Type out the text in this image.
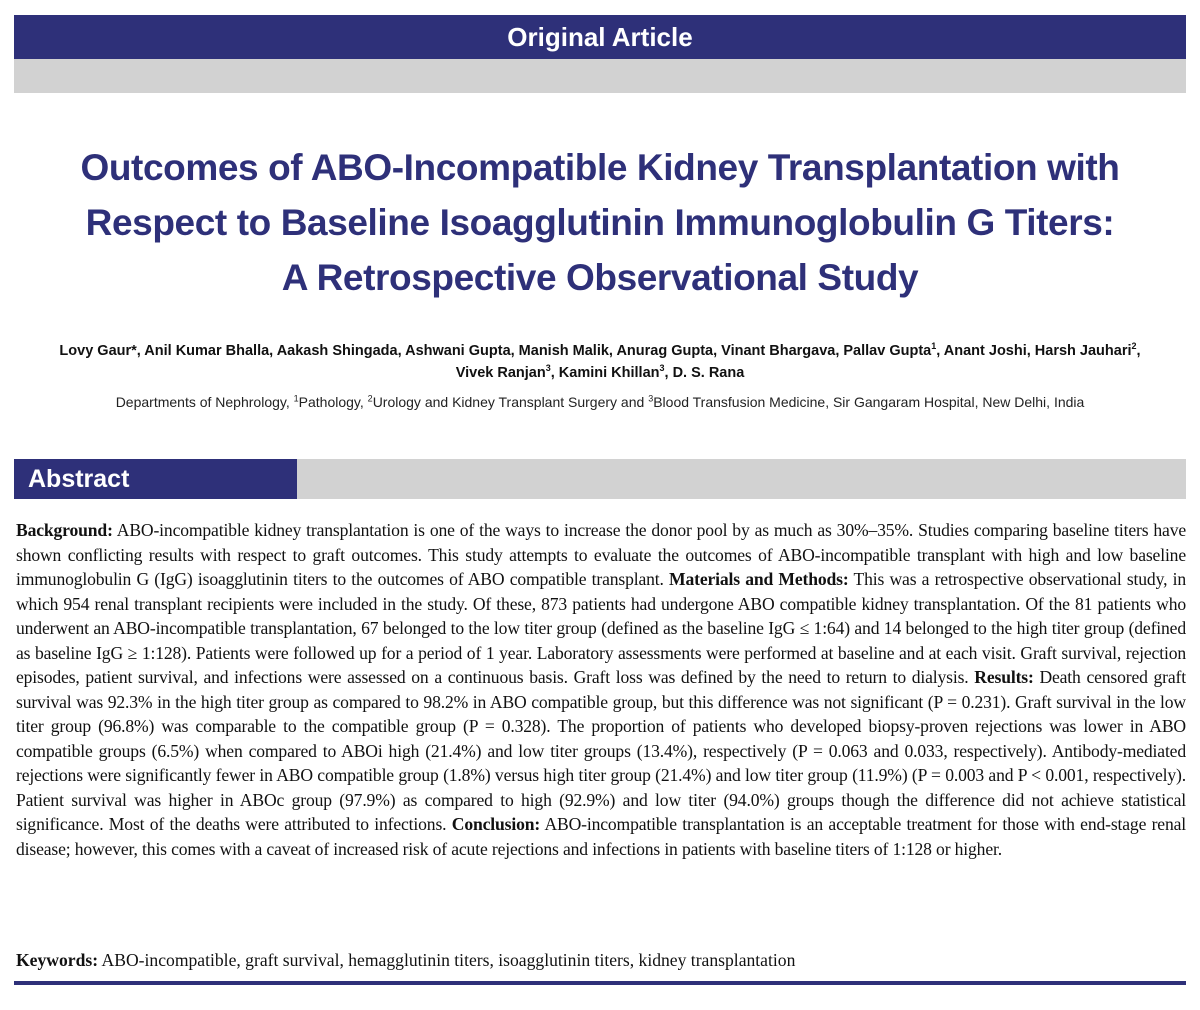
Original Article
Outcomes of ABO-Incompatible Kidney Transplantation with
Respect to Baseline Isoagglutinin Immunoglobulin G Titers:
A Retrospective Observational Study
Lovy Gaur*, Anil Kumar Bhalla, Aakash Shingada, Ashwani Gupta, Manish Malik, Anurag Gupta, Vinant Bhargava, Pallav Gupta$^1$, Anant Joshi, Harsh Jauhari$^2$,
Vivek Ranjan$^3$, Kamini Khillan$^3$, D. S. Rana
Departments of Nephrology, $^1$Pathology, $^2$Urology and Kidney Transplant Surgery and $^3$Blood Transfusion Medicine, Sir Gangaram Hospital, New Delhi, India
Abstract

Background: ABO-incompatible kidney transplantation is one of the ways to increase the donor pool by as much as 30%–35%. Studies comparing baseline titers have shown conflicting results with respect to graft outcomes. This study attempts to evaluate the outcomes of ABO-incompatible transplant with high and low baseline immunoglobulin G (IgG) isoagglutinin titers to the outcomes of ABO compatible transplant. Materials and Methods: This was a retrospective observational study, in which 954 renal transplant recipients were included in the study. Of these, 873 patients had undergone ABO compatible kidney transplantation. Of the 81 patients who underwent an ABO-incompatible transplantation, 67 belonged to the low titer group (defined as the baseline IgG ≤ 1:64) and 14 belonged to the high titer group (defined as baseline IgG ≥ 1:128). Patients were followed up for a period of 1 year. Laboratory assessments were performed at baseline and at each visit. Graft survival, rejection episodes, patient survival, and infections were assessed on a continuous basis. Graft loss was defined by the need to return to dialysis. Results: Death censored graft survival was 92.3% in the high titer group as compared to 98.2% in ABO compatible group, but this difference was not significant (P = 0.231). Graft survival in the low titer group (96.8%) was comparable to the compatible group (P = 0.328). The proportion of patients who developed biopsy-proven rejections was lower in ABO compatible groups (6.5%) when compared to ABOi high (21.4%) and low titer groups (13.4%), respectively (P = 0.063 and 0.033, respectively). Antibody-mediated rejections were significantly fewer in ABO compatible group (1.8%) versus high titer group (21.4%) and low titer group (11.9%) (P = 0.003 and P < 0.001, respectively). Patient survival was higher in ABOc group (97.9%) as compared to high (92.9%) and low titer (94.0%) groups though the difference did not achieve statistical significance. Most of the deaths were attributed to infections. Conclusion: ABO-incompatible transplantation is an acceptable treatment for those with end-stage renal disease; however, this comes with a caveat of increased risk of acute rejections and infections in patients with baseline titers of 1:128 or higher.

Keywords: ABO-incompatible, graft survival, hemagglutinin titers, isoagglutinin titers, kidney transplantation
